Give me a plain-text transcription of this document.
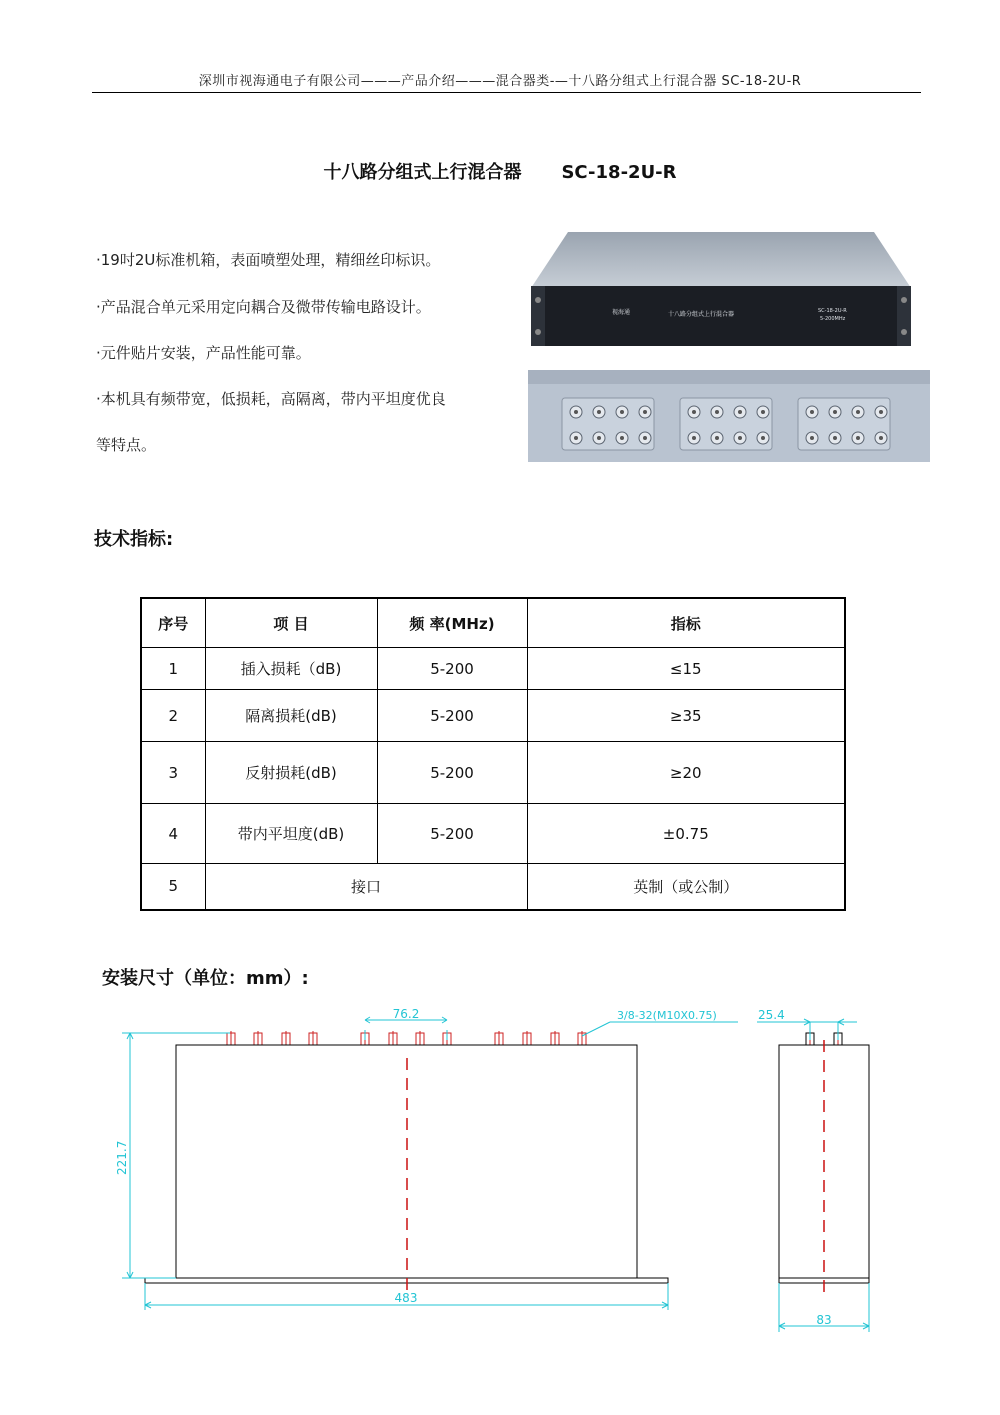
深圳市视海通电子有限公司———产品介绍———混合器类-—十八路分组式上行混合器 SC-18-2U-R
十八路分组式上行混合器 SC-18-2U-R
·19吋2U标准机箱，表面喷塑处理，精细丝印标识。
·产品混合单元采用定向耦合及微带传输电路设计。
·元件贴片安装，产品性能可靠。
·本机具有频带宽，低损耗，高隔离，带内平坦度优良
等特点。
视海通	十八路分组式上行混合器	SC-18-2U-R
5-200MHz
技术指标:
序号	项 目	频 率(MHz)	指标
1	插入损耗（dB)	5-200	≤15
2	隔离损耗(dB)	5-200	≥35
3	反射损耗(dB)	5-200	≥20
4	带内平坦度(dB)	5-200	±0.75
5	接口		英制（或公制）
安装尺寸（单位：mm）:
76.2	3/8-32(M10X0.75)	25.4
221.7
483
83
